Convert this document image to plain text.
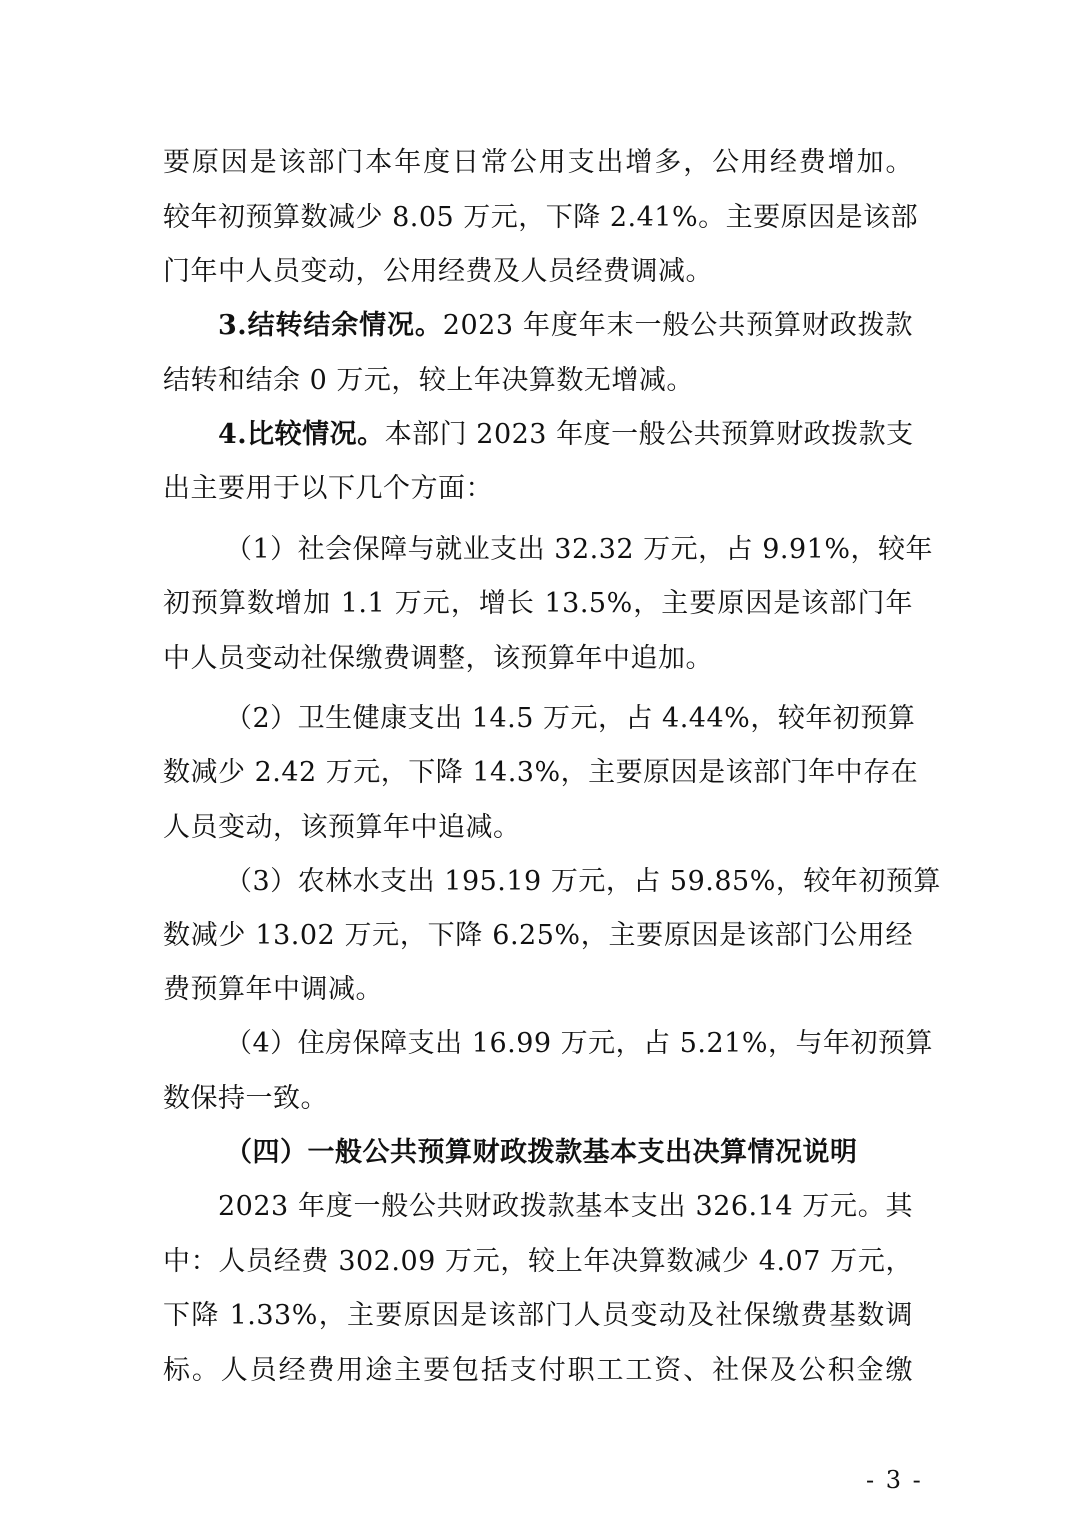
要原因是该部门本年度日常公用支出增多，公用经费增加。
较年初预算数减少 8.05 万元，下降 2.41%。主要原因是该部
门年中人员变动，公用经费及人员经费调减。
3.结转结余情况。2023 年度年末一般公共预算财政拨款
结转和结余 0 万元，较上年决算数无增减。
4.比较情况。本部门 2023 年度一般公共预算财政拨款支
出主要用于以下几个方面：
（1）社会保障与就业支出 32.32 万元，占 9.91%，较年
初预算数增加 1.1 万元，增长 13.5%，主要原因是该部门年
中人员变动社保缴费调整，该预算年中追加。
（2）卫生健康支出 14.5 万元，占 4.44%，较年初预算
数减少 2.42 万元，下降 14.3%，主要原因是该部门年中存在
人员变动，该预算年中追减。
（3）农林水支出 195.19 万元，占 59.85%，较年初预算
数减少 13.02 万元，下降 6.25%，主要原因是该部门公用经
费预算年中调减。
（4）住房保障支出 16.99 万元，占 5.21%，与年初预算
数保持一致。
（四）一般公共预算财政拨款基本支出决算情况说明
2023 年度一般公共财政拨款基本支出 326.14 万元。其
中：人员经费 302.09 万元，较上年决算数减少 4.07 万元，
下降 1.33%，主要原因是该部门人员变动及社保缴费基数调
标。人员经费用途主要包括支付职工工资、社保及公积金缴
- 3 -
